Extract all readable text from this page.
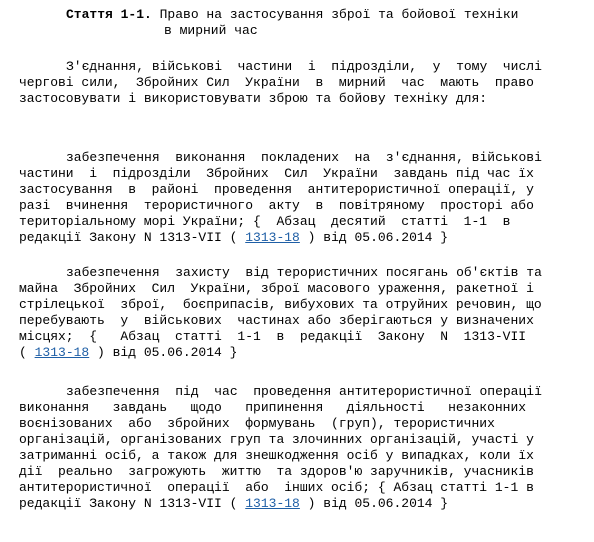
Стаття 1-1. Право на застосування зброї та бойової техніки
в мирний час
З'єднання, військові  частини  і  підрозділи,  у  тому  числі
чергові сили,  Збройних Сил  України  в  мирний  час  мають  право
застосовувати і використовувати зброю та бойову техніку для:
забезпечення  виконання  покладених  на  з'єднання, військові
частини  і  підрозділи  Збройних  Сил  України  завдань під час їх
застосування  в  районі  проведення  антитерористичної операції, у
разі  вчинення  терористичного  акту  в  повітряному  просторі або
територіальному морі України; {  Абзац  десятий  статті  1-1  в
редакції Законy N 1313-VII ( 1313-18 ) від 05.06.2014 }
забезпечення  захисту  від терористичних посягань об'єктів та
майна  Збройних  Сил  України, зброї масового ураження, ракетної і
стрілецької  зброї,  боєприпасів, вибухових та отруйних речовин, що
перебувають  у  військових  частинах або зберігаються у визначених
місцях;  {   Абзац  статті  1-1  в  редакції  Закону  N  1313-VII
( 1313-18 ) від 05.06.2014 }
забезпечення  під  час  проведення антитерористичної операції
виконання   завдань   щодо   припинення   діяльності   незаконних
воєнізованих  або  збройних  формувань  (груп), терористичних
організацій, організованих груп та злочинних організацій, участі у
затриманні осіб, а також для знешкодження осіб у випадках, коли їх
дії  реально  загрожують  життю  та здоров'ю заручників, учасників
антитерористичної  операції  або  інших осіб; { Абзац статті 1-1 в
редакції Закону N 1313-VII ( 1313-18 ) від 05.06.2014 }
